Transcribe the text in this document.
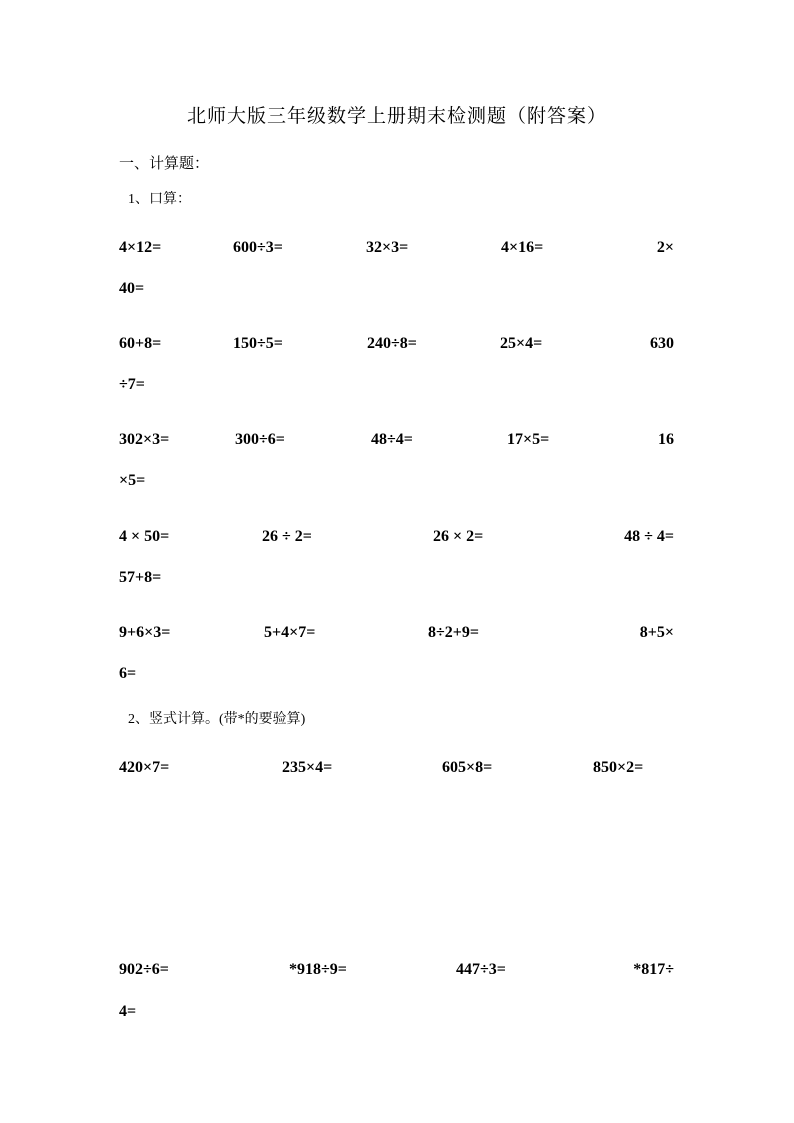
北师大版三年级数学上册期末检测题（附答案）
一、计算题：
1、口算：
4×12=	600÷3=	32×3=	4×16=	2×
40=
60+8=	150÷5=	240÷8=	25×4=	630
÷7=
302×3=	300÷6=	48÷4=	17×5=	16
×5=
4 × 50=	26 ÷ 2=	26 × 2=	48 ÷ 4=
57+8=
9+6×3=	5+4×7=	8÷2+9=	8+5×
6=
2、竖式计算。(带*的要验算)
420×7=	235×4=	605×8=	850×2=
902÷6=	*918÷9=	447÷3=	*817÷
4=
